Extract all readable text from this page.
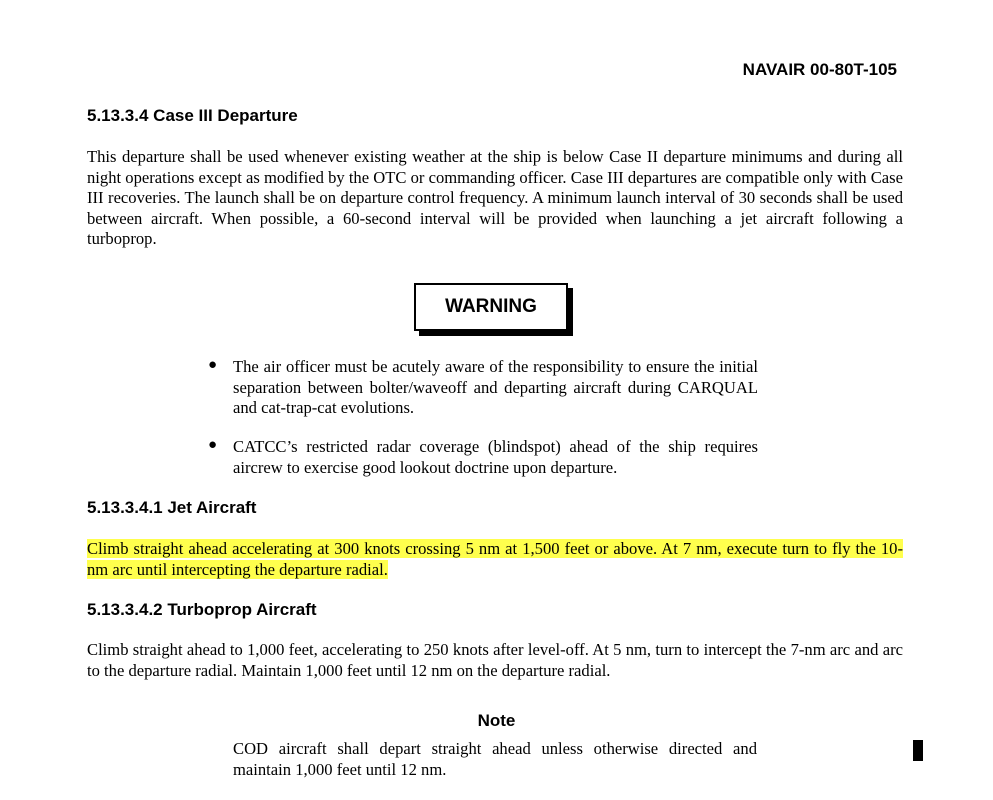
NAVAIR 00-80T-105
5.13.3.4 Case III Departure
This departure shall be used whenever existing weather at the ship is below Case II departure minimums and during all night operations except as modified by the OTC or commanding officer. Case III departures are compatible only with Case III recoveries. The launch shall be on departure control frequency. A minimum launch interval of 30 seconds shall be used between aircraft. When possible, a 60-second interval will be provided when launching a jet aircraft following a turboprop.
WARNING
● The air officer must be acutely aware of the responsibility to ensure the initial separation between bolter/waveoff and departing aircraft during CARQUAL and cat-trap-cat evolutions.
● CATCC’s restricted radar coverage (blindspot) ahead of the ship requires aircrew to exercise good lookout doctrine upon departure.
5.13.3.4.1 Jet Aircraft
Climb straight ahead accelerating at 300 knots crossing 5 nm at 1,500 feet or above. At 7 nm, execute turn to fly the 10-nm arc until intercepting the departure radial.
5.13.3.4.2 Turboprop Aircraft
Climb straight ahead to 1,000 feet, accelerating to 250 knots after level-off. At 5 nm, turn to intercept the 7-nm arc and arc to the departure radial. Maintain 1,000 feet until 12 nm on the departure radial.
Note
COD aircraft shall depart straight ahead unless otherwise directed and maintain 1,000 feet until 12 nm.
